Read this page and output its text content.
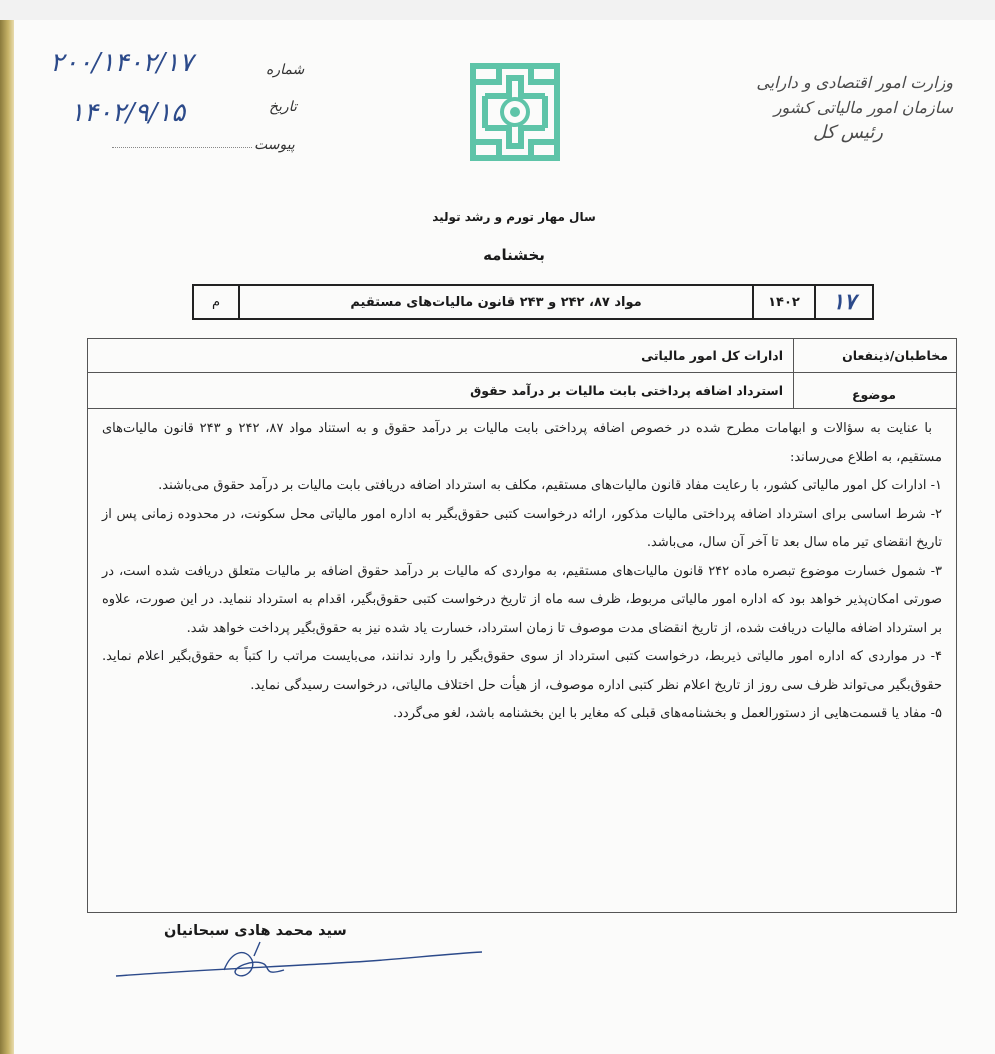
شماره
تاریخ
پیوست
۲۰۰/۱۴۰۲/۱۷
۱۴۰۲/۹/۱۵
وزارت امور اقتصادی و دارایی
سازمان امور مالیاتی کشور
رئیس کل
سال مهار تورم و رشد تولید
بخشنامه
۱۷
۱۴۰۲
مواد ۸۷، ۲۴۲ و ۲۴۳ قانون مالیات‌های مستقیم
م
مخاطبان/ذینفعان
ادارات کل امور مالیاتی
موضوع
استرداد اضافه پرداختی بابت مالیات بر درآمد حقوق

با عنایت به سؤالات و ابهامات مطرح شده در خصوص اضافه پرداختی بابت مالیات بر درآمد حقوق و به استناد مواد ۸۷، ۲۴۲ و ۲۴۳ قانون مالیات‌های مستقیم، به اطلاع می‌رساند:

۱- ادارات کل امور مالیاتی کشور، با رعایت مفاد قانون مالیات‌های مستقیم، مکلف به استرداد اضافه دریافتی بابت مالیات بر درآمد حقوق می‌باشند.

۲- شرط اساسی برای استرداد اضافه پرداختی مالیات مذکور، ارائه درخواست کتبی حقوق‌بگیر به اداره امور مالیاتی محل سکونت، در محدوده زمانی پس از تاریخ انقضای تیر ماه سال بعد تا آخر آن سال، می‌باشد.

۳- شمول خسارت موضوع تبصره ماده ۲۴۲ قانون مالیات‌های مستقیم، به مواردی که مالیات بر درآمد حقوق اضافه بر مالیات متعلق دریافت شده است، در صورتی امکان‌پذیر خواهد بود که اداره امور مالیاتی مربوط، ظرف سه ماه از تاریخ درخواست کتبی حقوق‌بگیر، اقدام به استرداد ننماید. در این صورت، علاوه بر استرداد اضافه مالیات دریافت شده، از تاریخ انقضای مدت موصوف تا زمان استرداد، خسارت یاد شده نیز به حقوق‌بگیر پرداخت خواهد شد.

۴- در مواردی که اداره امور مالیاتی ذیربط، درخواست کتبی استرداد از سوی حقوق‌بگیر را وارد ندانند، می‌بایست مراتب را کتباً به حقوق‌بگیر اعلام نماید. حقوق‌بگیر می‌تواند ظرف سی روز از تاریخ اعلام نظر کتبی اداره موصوف، از هیأت حل اختلاف مالیاتی، درخواست رسیدگی نماید.

۵- مفاد یا قسمت‌هایی از دستورالعمل و بخشنامه‌های قبلی که مغایر با این بخشنامه باشد، لغو می‌گردد.

سید محمد هادی سبحانیان
